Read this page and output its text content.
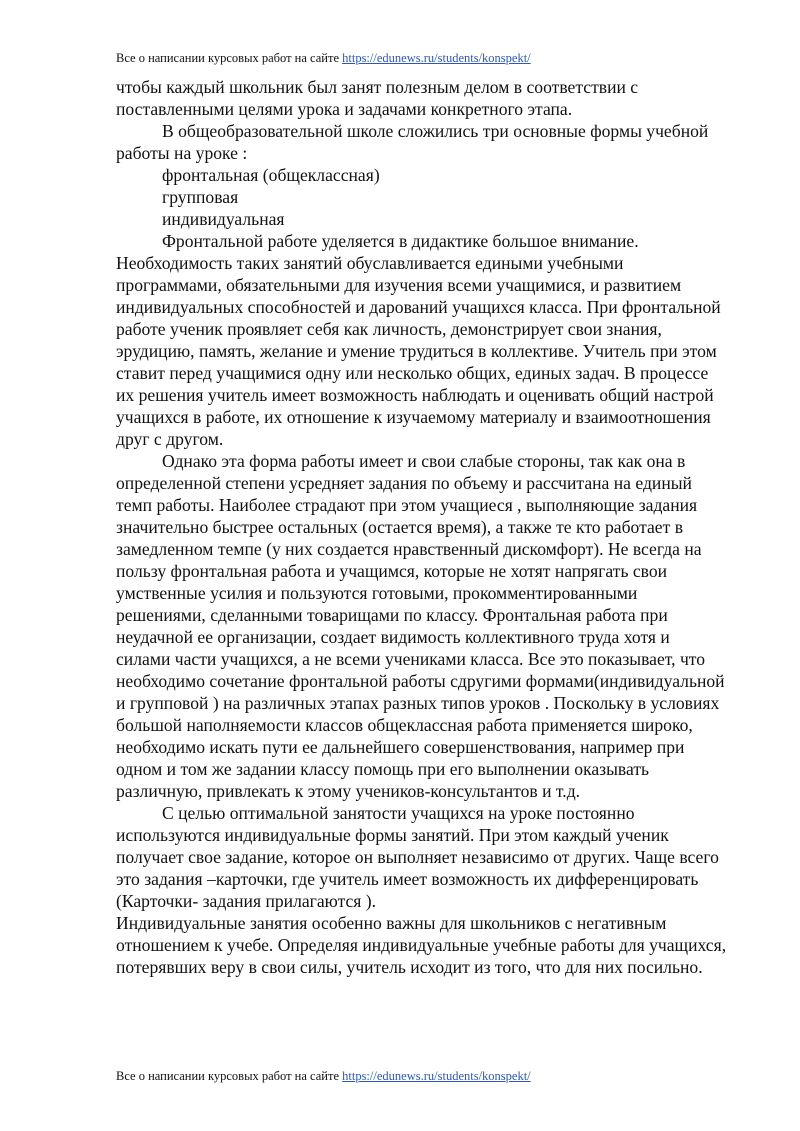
Все о написании курсовых работ на сайте https://edunews.ru/students/konspekt/

чтобы каждый школьник был занят полезным делом в соответствии с поставленными целями урока и задачами конкретного этапа.

В общеобразовательной школе сложились три основные формы учебной работы на уроке :

фронтальная (общеклассная)

групповая

индивидуальная

Фронтальной работе уделяется в дидактике большое внимание. Необходимость таких занятий обуславливается едиными учебными программами, обязательными для изучения всеми учащимися, и развитием индивидуальных способностей и дарований учащихся класса. При фронтальной работе ученик проявляет себя как личность, демонстрирует свои знания, эрудицию, память, желание и умение трудиться в коллективе. Учитель при этом ставит перед учащимися одну или несколько общих, единых задач. В процессе их решения учитель имеет возможность наблюдать и оценивать общий настрой учащихся в работе, их отношение к изучаемому материалу и взаимоотношения друг с другом.

Однако эта форма работы имеет и свои слабые стороны, так как она в определенной степени усредняет задания по объему и рассчитана на единый темп работы. Наиболее страдают при этом учащиеся , выполняющие задания значительно быстрее остальных (остается время), а также те кто работает в замедленном темпе (у них создается нравственный дискомфорт). Не всегда на пользу фронтальная работа и учащимся, которые не хотят напрягать свои умственные усилия и пользуются готовыми, прокомментированными решениями, сделанными товарищами по классу. Фронтальная работа при неудачной ее организации, создает видимость коллективного труда хотя и силами части учащихся, а не всеми учениками класса. Все это показывает, что необходимо сочетание фронтальной работы сдругими формами(индивидуальной и групповой ) на различных этапах разных типов уроков . Поскольку в условиях большой наполняемости классов общеклассная работа применяется широко, необходимо искать пути ее дальнейшего совершенствования, например при одном и том же задании классу помощь при его выполнении оказывать различную, привлекать к этому учеников-консультантов и т.д.

С целью оптимальной занятости учащихся на уроке постоянно используются индивидуальные формы занятий. При этом каждый ученик получает свое задание, которое он выполняет независимо от других. Чаще всего это задания –карточки, где учитель имеет возможность их дифференцировать (Карточки- задания прилагаются ).

Индивидуальные занятия особенно важны для школьников с негативным отношением к учебе. Определяя индивидуальные учебные работы для учащихся, потерявших веру в свои силы, учитель исходит из того, что для них посильно.

Все о написании курсовых работ на сайте https://edunews.ru/students/konspekt/
